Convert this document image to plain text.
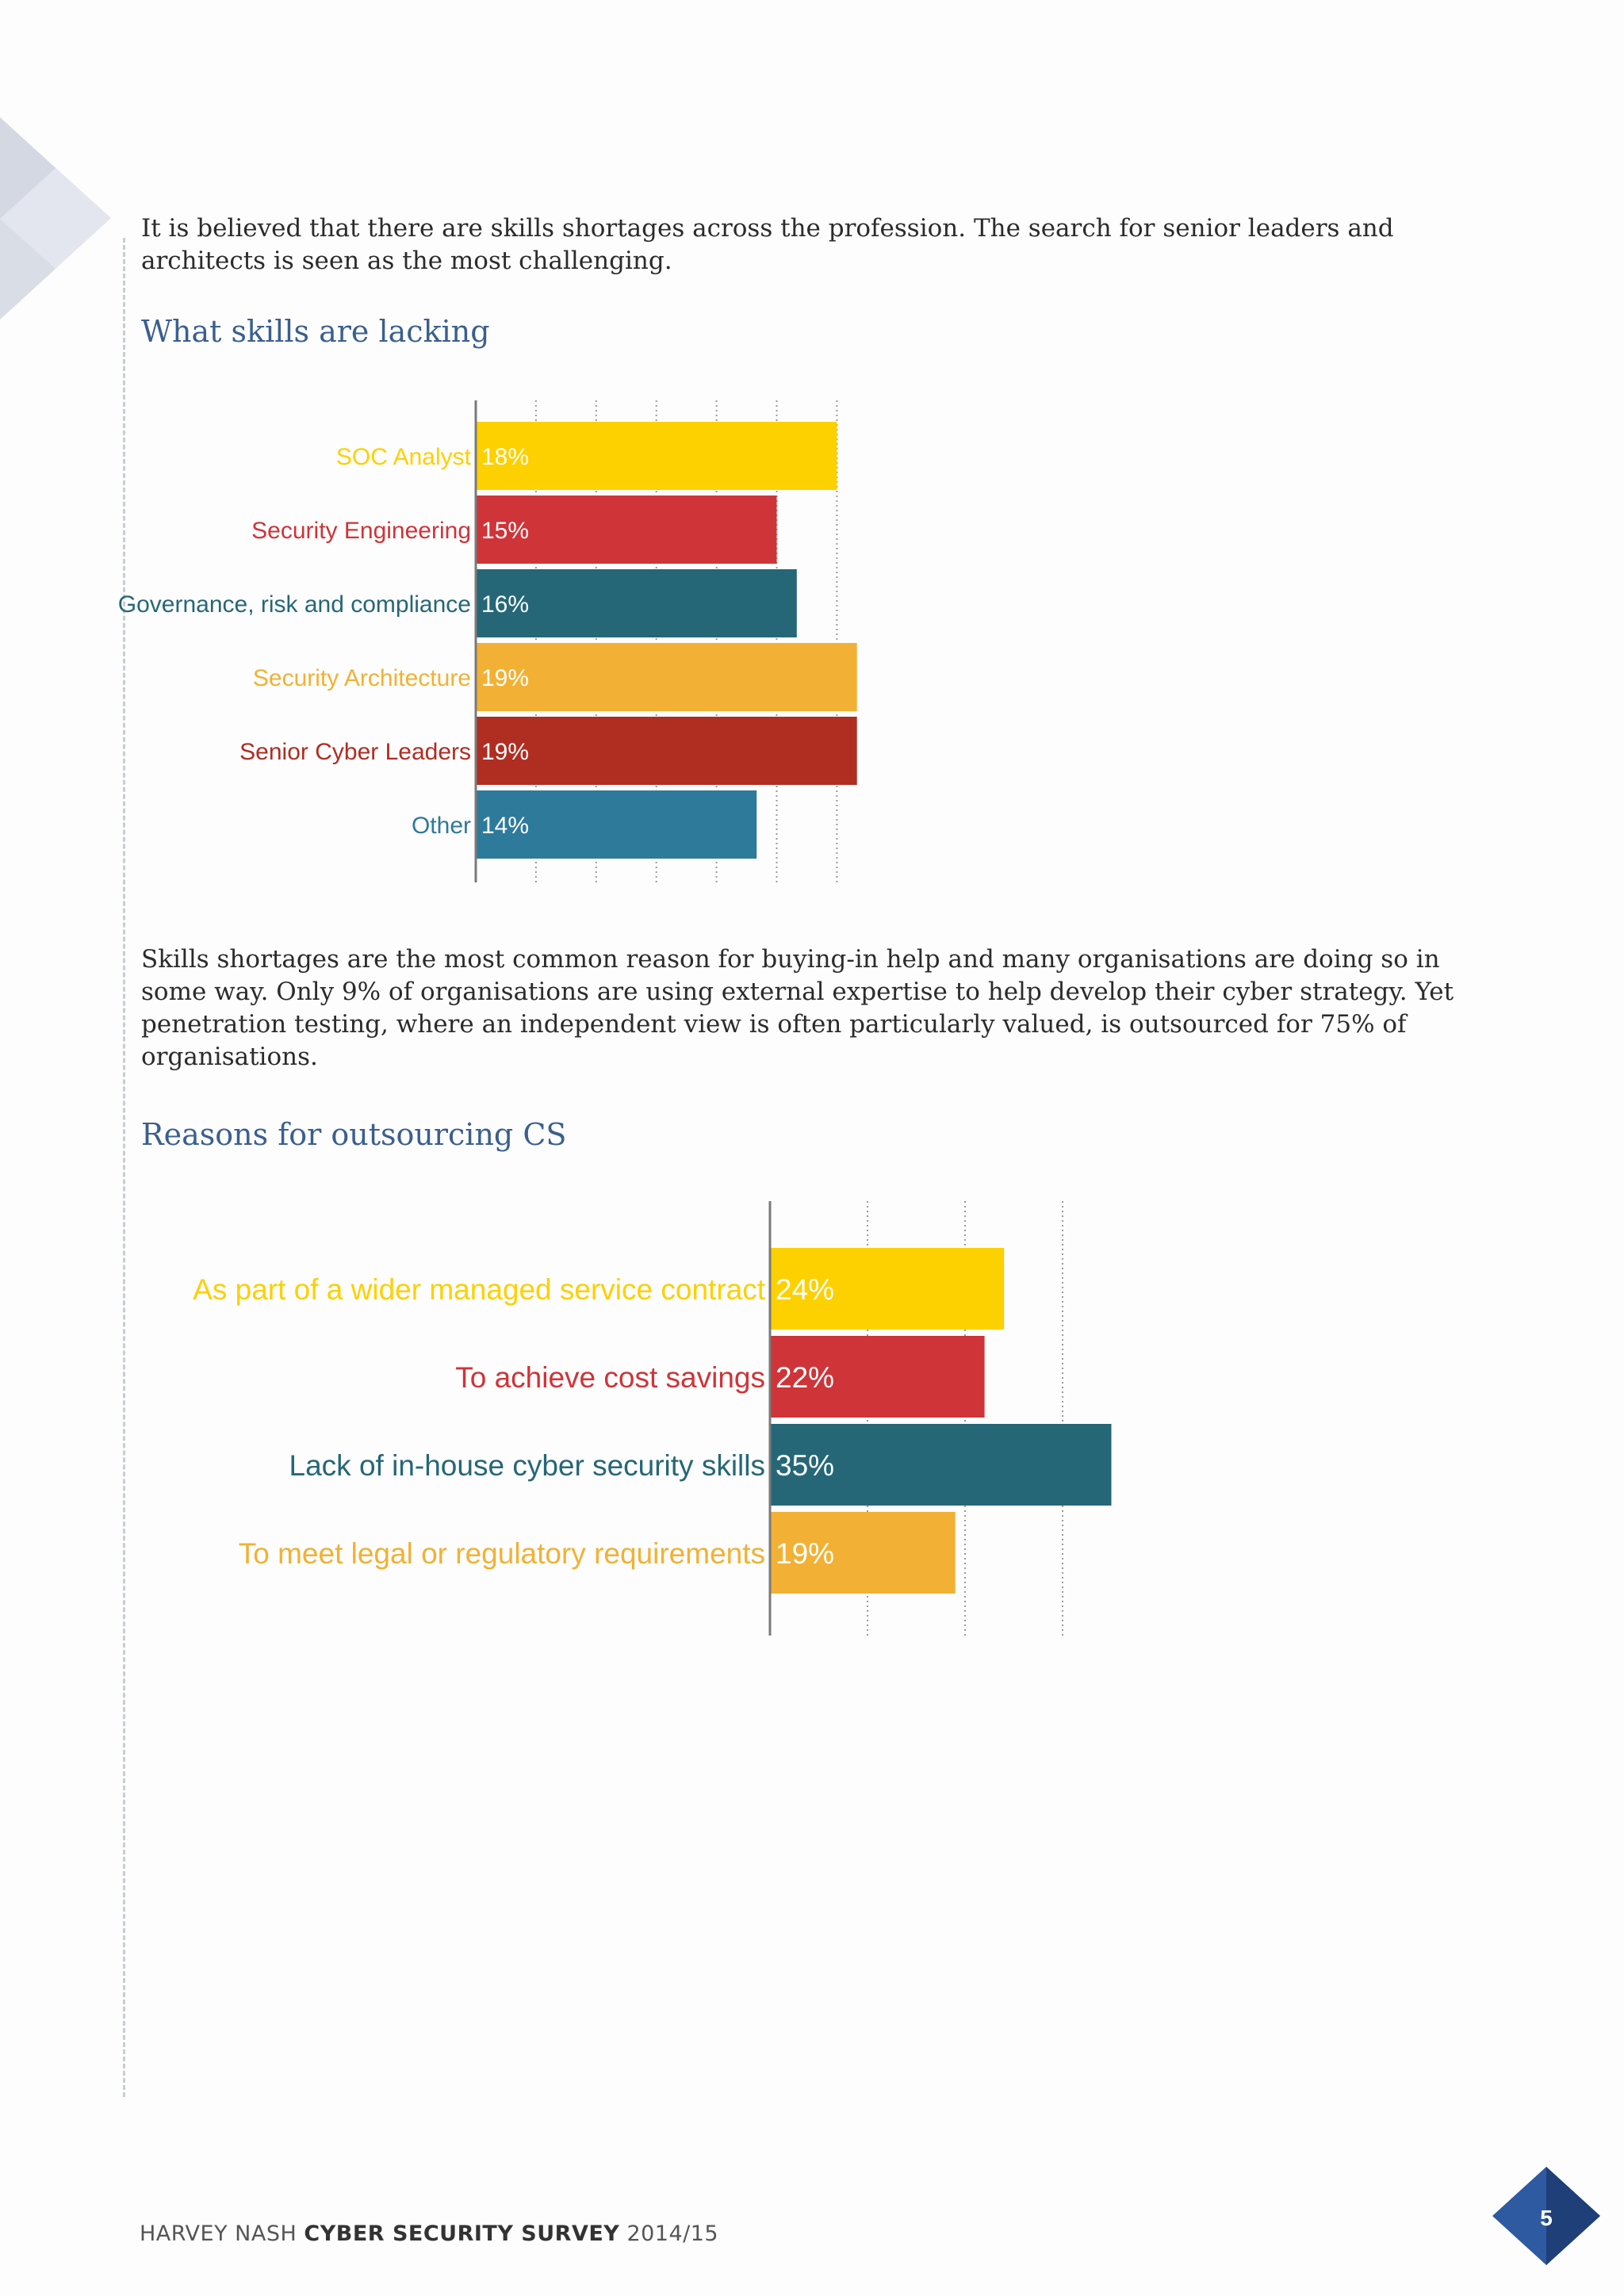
It is believed that there are skills shortages across the profession. The search for senior leaders and architects is seen as the most challenging.

What skills are lacking
SOC Analyst 18%
Security Engineering 15%
Governance, risk and compliance 16%
Security Architecture 19%
Senior Cyber Leaders 19%
Other 14%

Skills shortages are the most common reason for buying-in help and many organisations are doing so in some way. Only 9% of organisations are using external expertise to help develop their cyber strategy. Yet penetration testing, where an independent view is often particularly valued, is outsourced for 75% of organisations.

Reasons for outsourcing CS
As part of a wider managed service contract 24%
To achieve cost savings 22%
Lack of in-house cyber security skills 35%
To meet legal or regulatory requirements 19%
HARVEY NASH CYBER SECURITY SURVEY 2014/15
5
